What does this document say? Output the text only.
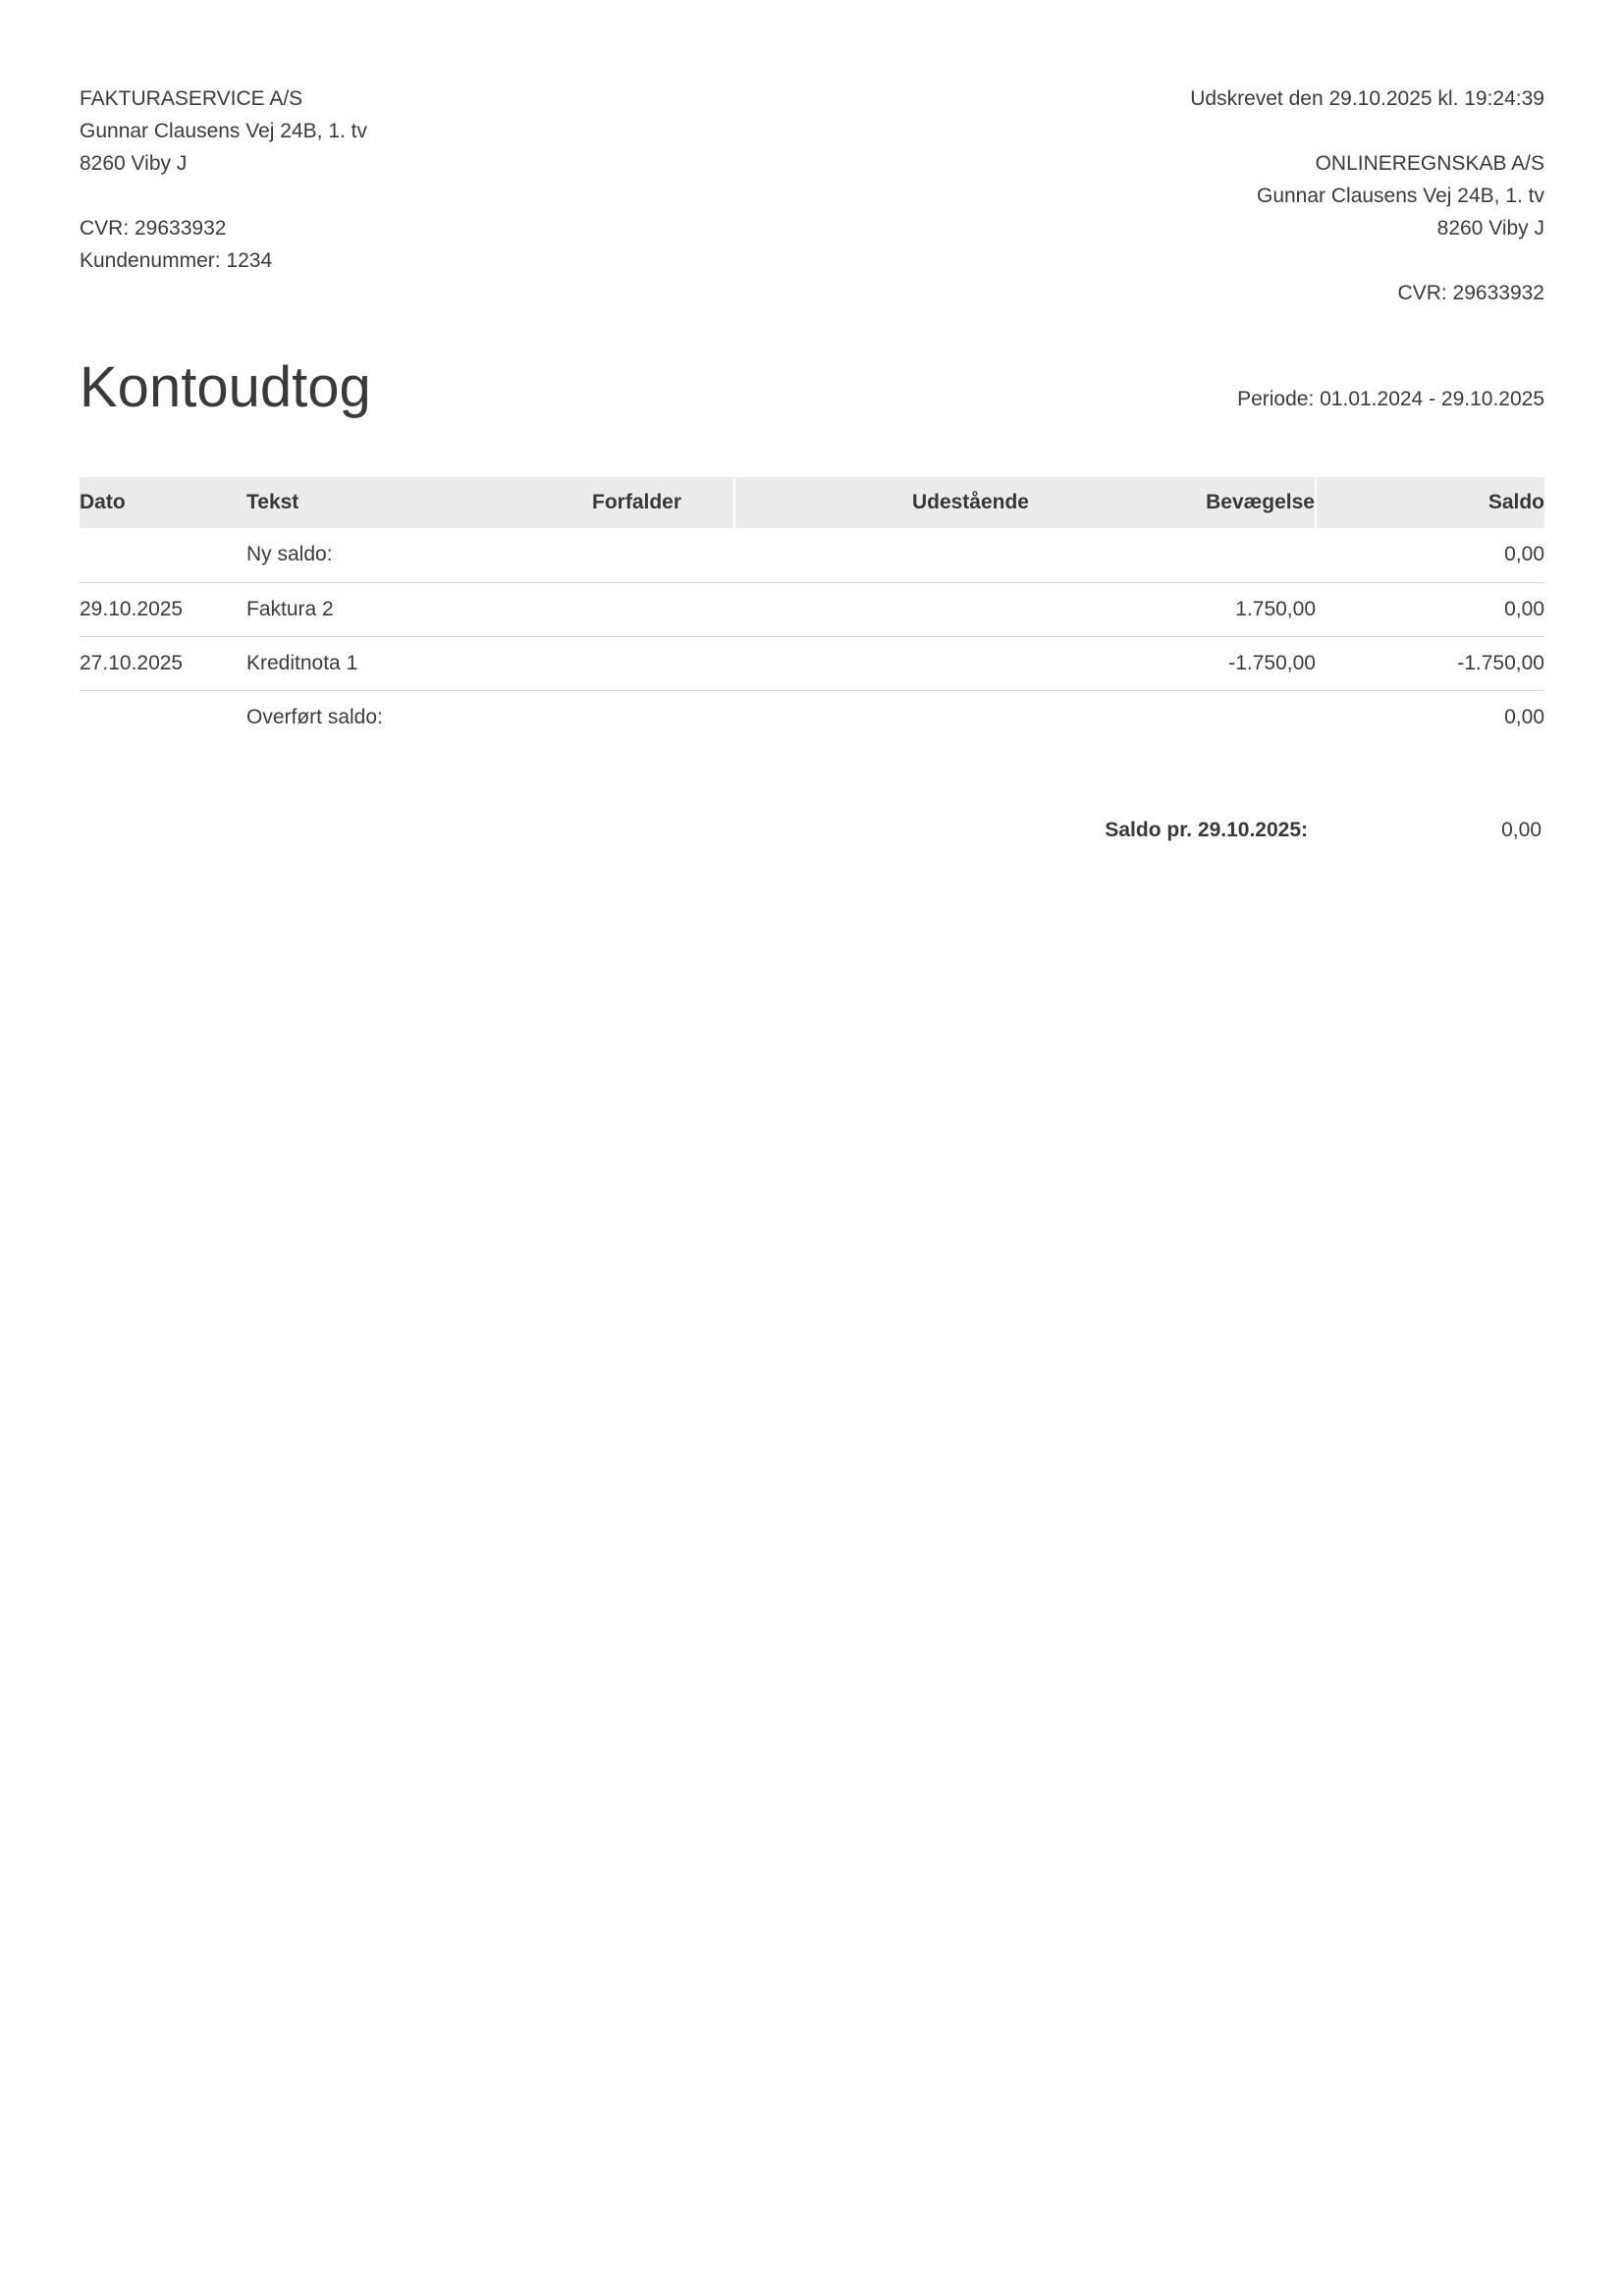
FAKTURASERVICE A/S
Gunnar Clausens Vej 24B, 1. tv
8260 Viby J
CVR: 29633932
Kundenummer: 1234
Udskrevet den 29.10.2025 kl. 19:24:39
ONLINEREGNSKAB A/S
Gunnar Clausens Vej 24B, 1. tv
8260 Viby J
CVR: 29633932
Kontoudtog	Periode: 01.01.2024 - 29.10.2025
Dato	Tekst	Forfalder	Udestående	Bevægelse	Saldo
	Ny saldo:				0,00
29.10.2025	Faktura 2			1.750,00	0,00
27.10.2025	Kreditnota 1			-1.750,00	-1.750,00
	Overført saldo:				0,00
Saldo pr. 29.10.2025:	0,00
